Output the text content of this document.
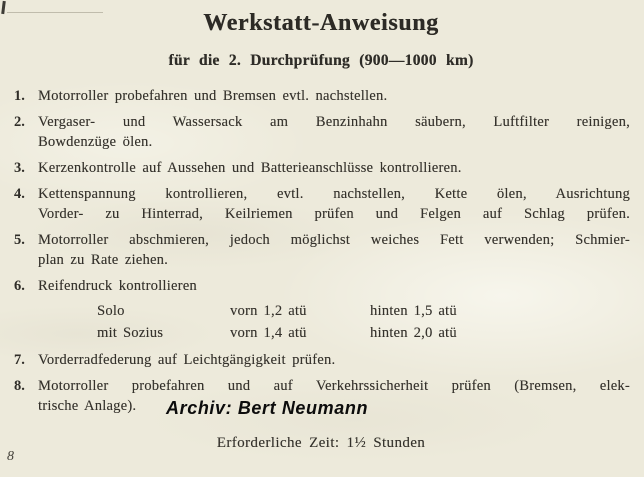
Werkstatt-Anweisung
für die 2. Durchprüfung (900—1000 km)
1. Motorroller probefahren und Bremsen evtl. nachstellen.
2. Vergaser- und Wassersack am Benzinhahn säubern, Luftfilter reinigen,
Bowdenzüge ölen.
3. Kerzenkontrolle auf Aussehen und Batterieanschlüsse kontrollieren.
4. Kettenspannung kontrollieren, evtl. nachstellen, Kette ölen, Ausrichtung
Vorder- zu Hinterrad, Keilriemen prüfen und Felgen auf Schlag prüfen.
5. Motorroller abschmieren, jedoch möglichst weiches Fett verwenden; Schmier-
plan zu Rate ziehen.
6. Reifendruck kontrollieren
Solo	vorn 1,2 atü	hinten 1,5 atü
mit Sozius	vorn 1,4 atü	hinten 2,0 atü
7. Vorderradfederung auf Leichtgängigkeit prüfen.
8. Motorroller probefahren und auf Verkehrssicherheit prüfen (Bremsen, elek-
trische Anlage).
Erforderliche Zeit: 1½ Stunden
Archiv: Bert Neumann
8
